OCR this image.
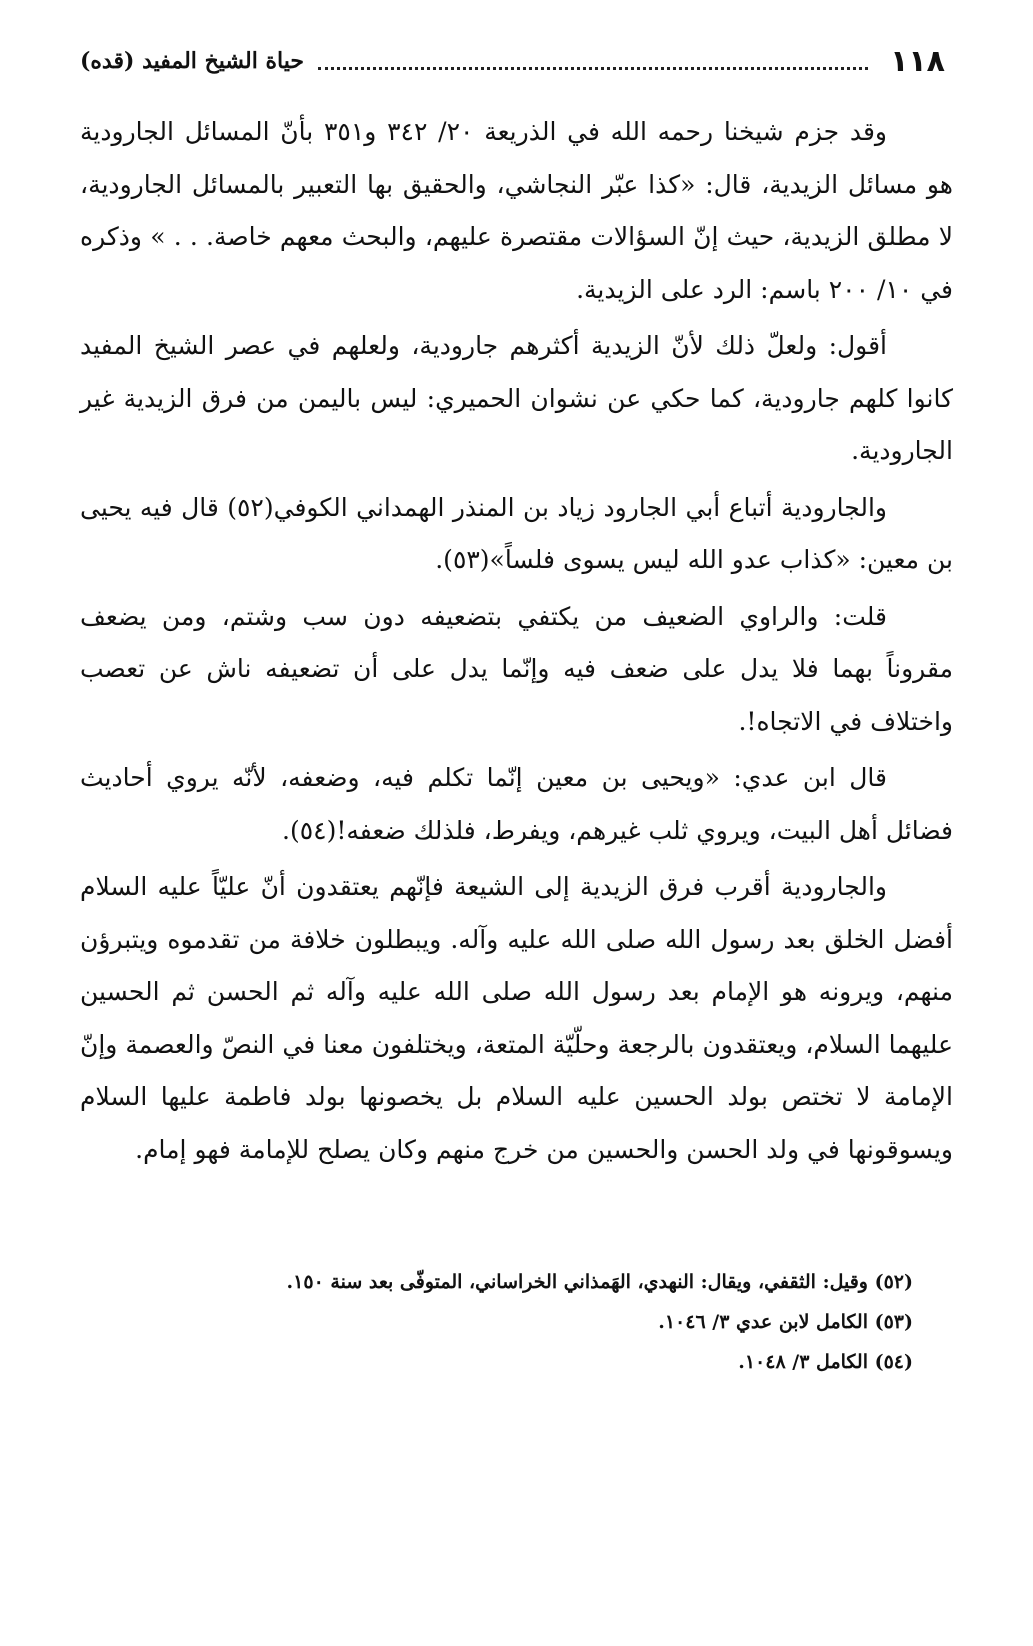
١١٨
حياة الشيخ المفيد (قده)

وقد جزم شيخنا رحمه الله في الذريعة ٢٠/ ٣٤٢ و٣٥١ بأنّ المسائل الجارودية هو مسائل الزيدية، قال: «كذا عبّر النجاشي، والحقيق بها التعبير بالمسائل الجارودية، لا مطلق الزيدية، حيث إنّ السؤالات مقتصرة عليهم، والبحث معهم خاصة. . . » وذكره في ١٠/ ٢٠٠ باسم: الرد على الزيدية.

أقول: ولعلّ ذلك لأنّ الزيدية أكثرهم جارودية، ولعلهم في عصر الشيخ المفيد كانوا كلهم جارودية، كما حكي عن نشوان الحميري: ليس باليمن من فرق الزيدية غير الجارودية.

والجارودية أتباع أبي الجارود زياد بن المنذر الهمداني الكوفي(٥٢) قال فيه يحيى بن معين: «كذاب عدو الله ليس يسوى فلساً»(٥٣).

قلت: والراوي الضعيف من يكتفي بتضعيفه دون سب وشتم، ومن يضعف مقروناً بهما فلا يدل على ضعف فيه وإنّما يدل على أن تضعيفه ناش عن تعصب واختلاف في الاتجاه!.

قال ابن عدي: «ويحيى بن معين إنّما تكلم فيه، وضعفه، لأنّه يروي أحاديث فضائل أهل البيت، ويروي ثلب غيرهم، ويفرط، فلذلك ضعفه!(٥٤).

والجارودية أقرب فرق الزيدية إلى الشيعة فإنّهم يعتقدون أنّ عليّاً عليه السلام أفضل الخلق بعد رسول الله صلى الله عليه وآله. ويبطلون خلافة من تقدموه ويتبرؤن منهم، ويرونه هو الإمام بعد رسول الله صلى الله عليه وآله ثم الحسن ثم الحسين عليهما السلام، ويعتقدون بالرجعة وحلّيّة المتعة، ويختلفون معنا في النصّ والعصمة وإنّ الإمامة لا تختص بولد الحسين عليه السلام بل يخصونها بولد فاطمة عليها السلام ويسوقونها في ولد الحسن والحسين من خرج منهم وكان يصلح للإمامة فهو إمام.

(٥٢) وقيل: الثقفي، ويقال: النهدي، الهَمذاني الخراساني، المتوفّى بعد سنة ١٥٠.
(٥٣) الكامل لابن عدي ٣/ ١٠٤٦.
(٥٤) الكامل ٣/ ١٠٤٨.
